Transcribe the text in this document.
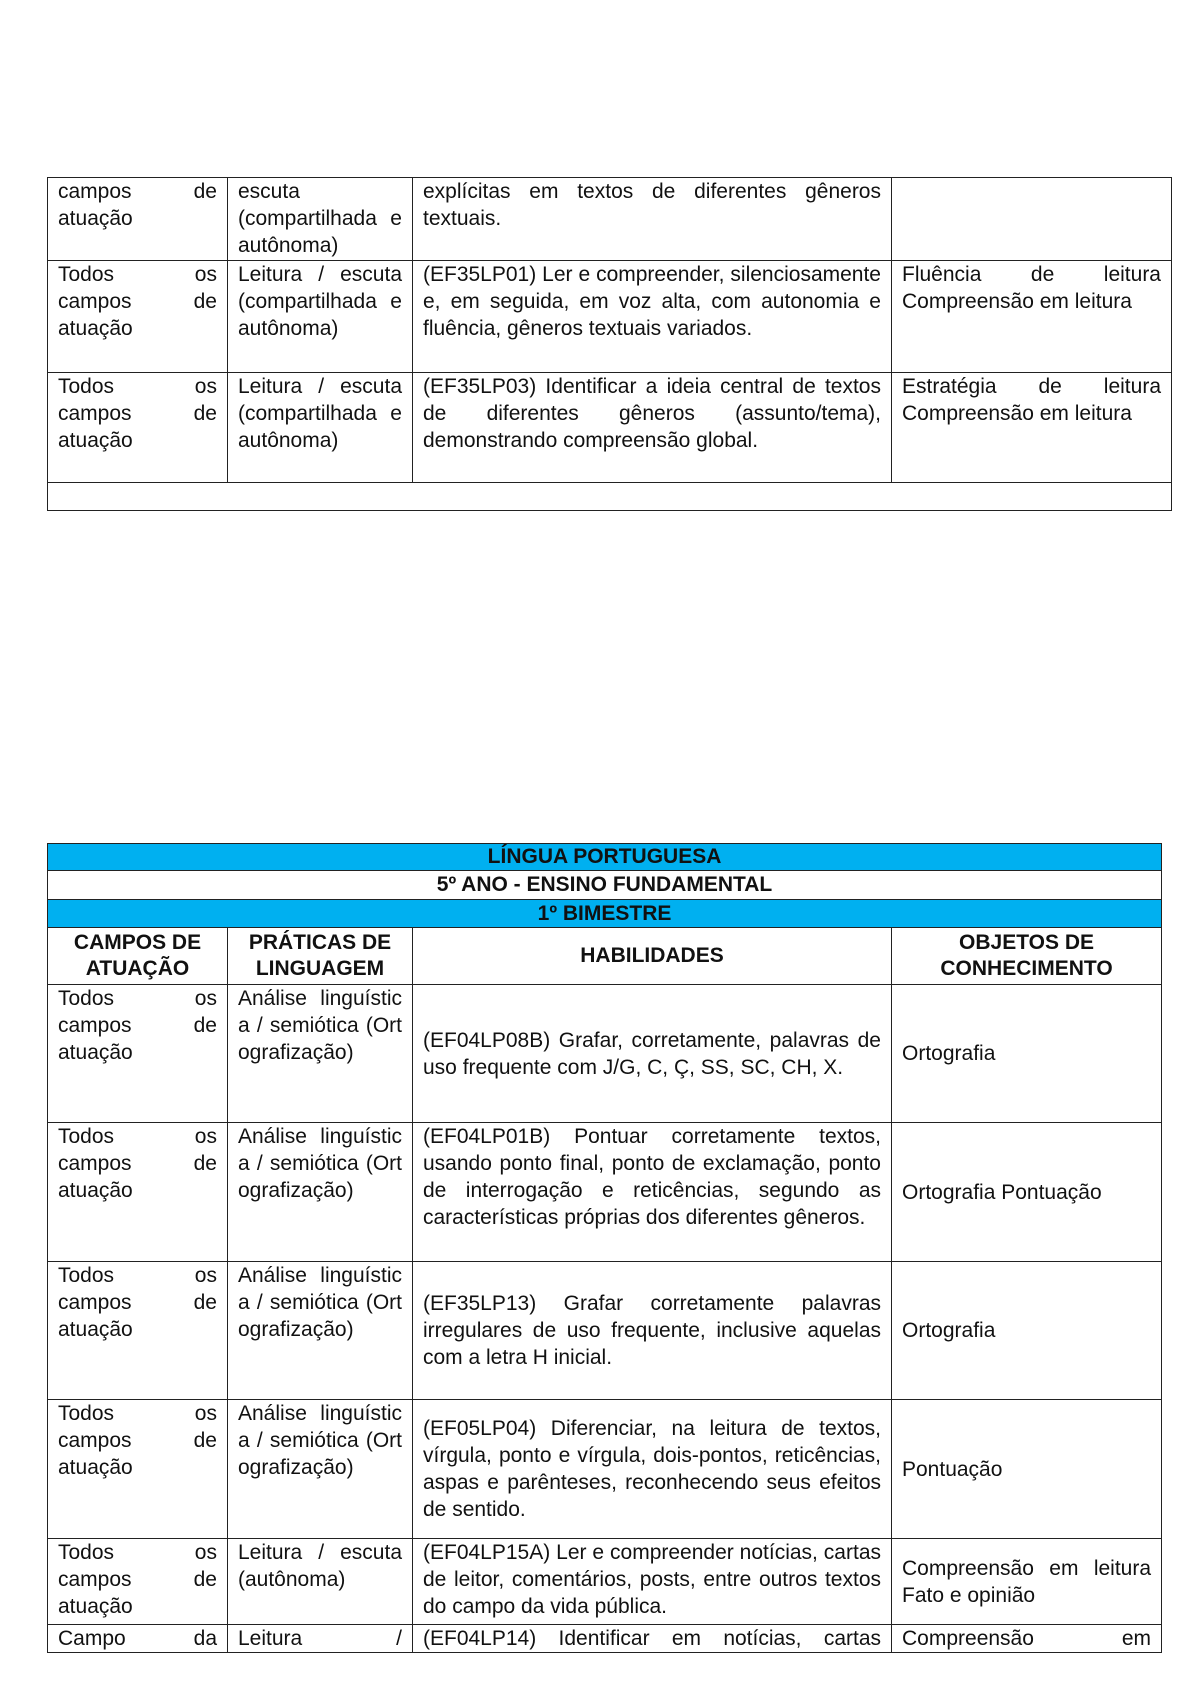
campos de atuação	escuta (compartilhada e autônoma)	explícitas em textos de diferentes gêneros textuais.	
Todos os campos de atuação	Leitura / escuta (compartilhada e autônoma)	(EF35LP01) Ler e compreender, silenciosamente e, em seguida, em voz alta, com autonomia e fluência, gêneros textuais variados.	Fluência de leitura Compreensão em leitura
Todos os campos de atuação	Leitura / escuta (compartilhada e autônoma)	(EF35LP03) Identificar a ideia central de textos de diferentes gêneros (assunto/tema), demonstrando compreensão global.	Estratégia de leitura Compreensão em leitura

LÍNGUA PORTUGUESA			
5º ANO - ENSINO FUNDAMENTAL			
1º BIMESTRE			
CAMPOS DE ATUAÇÃO	PRÁTICAS DE LINGUAGEM	HABILIDADES	OBJETOS DE CONHECIMENTO
Todos os campos de atuação	Análise linguística / semiótica (Ortografização)	(EF04LP08B) Grafar, corretamente, palavras de uso frequente com J/G, C, Ç, SS, SC, CH, X.	Ortografia
Todos os campos de atuação	Análise linguística / semiótica (Ortografização)	(EF04LP01B) Pontuar corretamente textos, usando ponto final, ponto de exclamação, ponto de interrogação e reticências, segundo as características próprias dos diferentes gêneros.	Ortografia Pontuação
Todos os campos de atuação	Análise linguística / semiótica (Ortografização)	(EF35LP13) Grafar corretamente palavras irregulares de uso frequente, inclusive aquelas com a letra H inicial.	Ortografia
Todos os campos de atuação	Análise linguística / semiótica (Ortografização)	(EF05LP04) Diferenciar, na leitura de textos, vírgula, ponto e vírgula, dois-pontos, reticências, aspas e parênteses, reconhecendo seus efeitos de sentido.	Pontuação
Todos os campos de atuação	Leitura / escuta (autônoma)	(EF04LP15A) Ler e compreender notícias, cartas de leitor, comentários, posts, entre outros textos do campo da vida pública.	Compreensão em leitura Fato e opinião
Campo da	Leitura /	(EF04LP14) Identificar em notícias, cartas	Compreensão em
